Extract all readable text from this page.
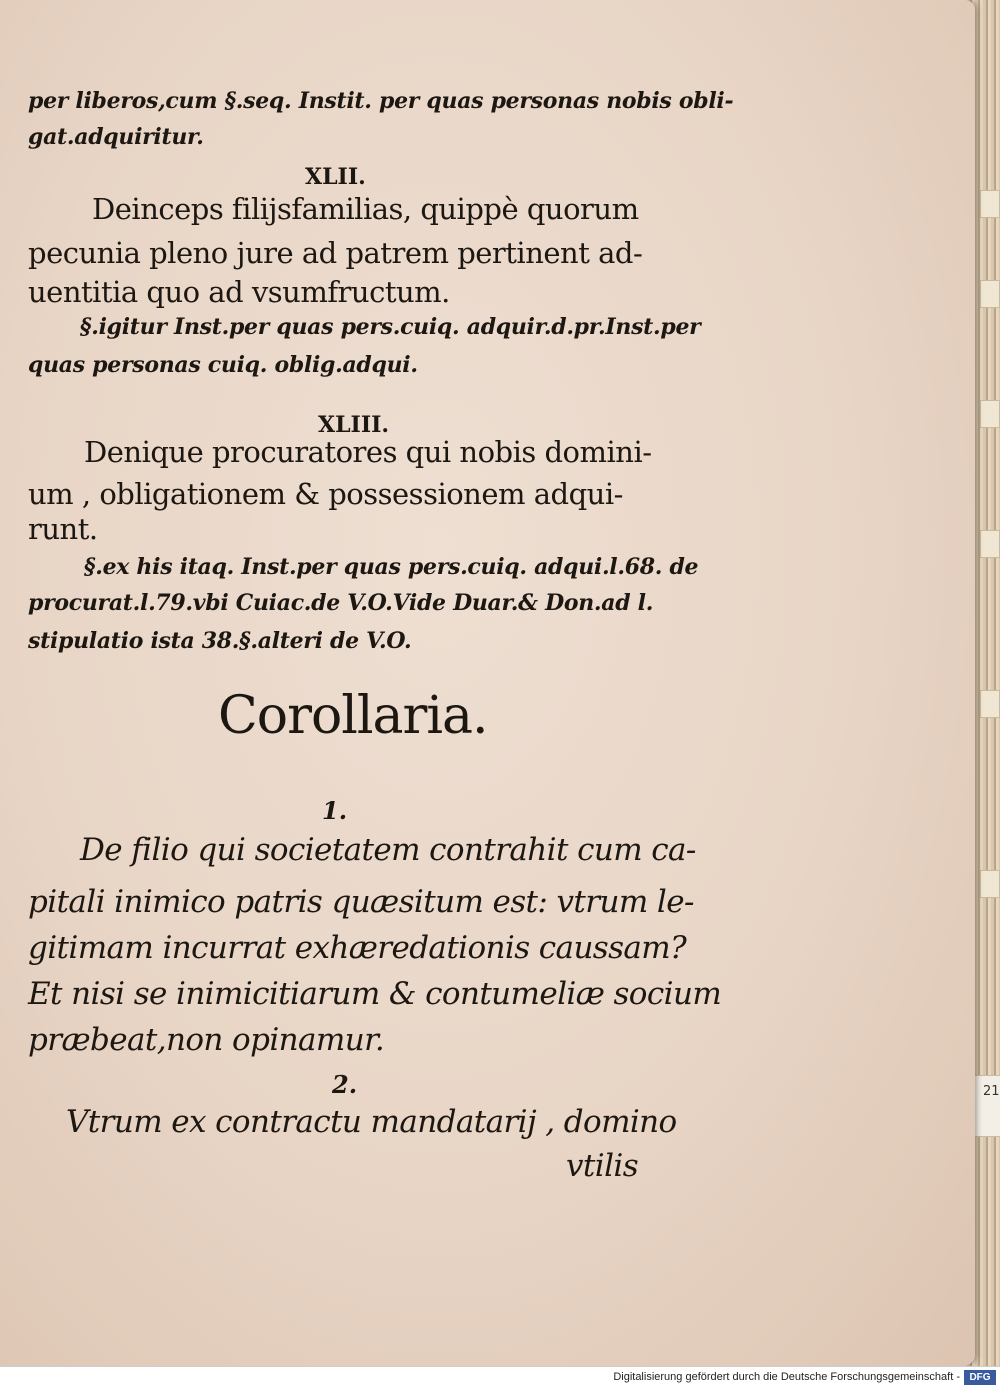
21
per liberos,cum §.seq. Instit. per quas personas nobis obli-
gat.adquiritur.
XLII.
Deinceps filijsfamilias, quippè quorum
pecunia pleno jure ad patrem pertinent ad-
uentitia quo ad vsumfructum.
§.igitur Inst.per quas pers.cuiq. adquir.d.pr.Inst.per
quas personas cuiq. oblig.adqui.
XLIII.
Denique procuratores qui nobis domini-
um , obligationem & possessionem adqui-
runt.
§.ex his itaq. Inst.per quas pers.cuiq. adqui.l.68. de
procurat.l.79.vbi Cuiac.de V.O.Vide Duar.& Don.ad l.
stipulatio ista 38.§.alteri de V.O.
Corollaria.
1.
De filio qui societatem contrahit cum ca-
pitali inimico patris quæsitum est: vtrum le-
gitimam incurrat exhæredationis caussam?
Et nisi se inimicitiarum & contumeliæ socium
præbeat,non opinamur.
2.
Vtrum ex contractu mandatarij , domino
vtilis
Digitalisierung gefördert durch die Deutsche Forschungsgemeinschaft - DFG
